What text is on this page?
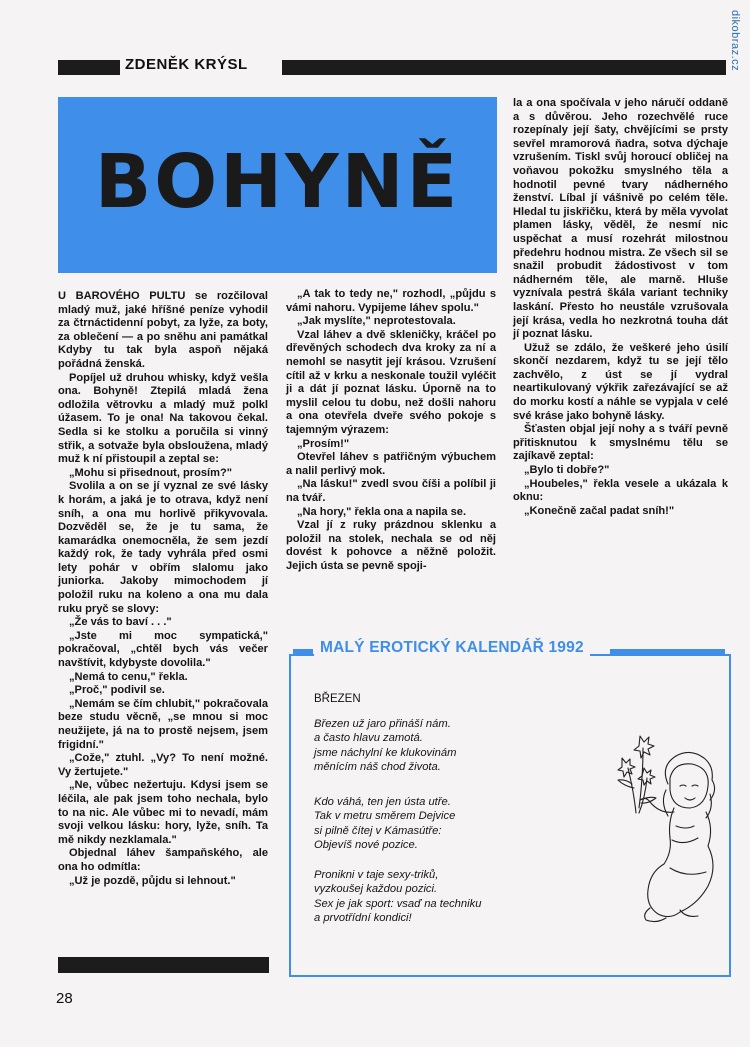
dikobraz.cz
ZDENĚK KRÝSL
BOHYNĚ

U BAROVÉHO PULTU se rozčiloval mladý muž, jaké hříšné peníze vyhodil za čtrnáctidenní pobyt, za lyže, za boty, za oblečení — a po sněhu ani památkal Kdyby tu tak byla aspoň nějaká pořádná ženská.

Popíjel už druhou whisky, když vešla ona. Bohyně! Ztepilá mladá žena odložila větrovku a mladý muž polkl úžasem. To je ona! Na takovou čekal. Sedla si ke stolku a poručila si vinný střik, a sotvaže byla obsloužena, mladý muž k ní přistoupil a zeptal se:

„Mohu si přisednout, prosím?"

Svolila a on se jí vyznal ze své lásky k horám, a jaká je to otrava, když není sníh, a ona mu horlivě přikyvovala. Dozvěděl se, že je tu sama, že kamarádka onemocněla, že sem jezdí každý rok, že tady vyhrála před osmi lety pohár v obřím slalomu jako juniorka. Jakoby mimochodem jí položil ruku na koleno a ona mu dala ruku pryč se slovy:

„Že vás to baví . . ."

„Jste mi moc sympatická," pokračoval, „chtěl bych vás večer navštívit, kdybyste dovolila."

„Nemá to cenu," řekla.

„Proč," podivil se.

„Nemám se čím chlubit," pokračovala beze studu věcně, „se mnou si moc neužijete, já na to prostě nejsem, jsem frigidní."

„Cože," ztuhl. „Vy? To není možné. Vy žertujete."

„Ne, vůbec nežertuju. Kdysi jsem se léčila, ale pak jsem toho nechala, bylo to na nic. Ale vůbec mi to nevadí, mám svoji velkou lásku: hory, lyže, sníh. Ta mě nikdy nezklamala."

Objednal láhev šampaňského, ale ona ho odmítla:

„Už je pozdě, půjdu si lehnout."

„A tak to tedy ne," rozhodl, „půjdu s vámi nahoru. Vypijeme láhev spolu."

„Jak myslíte," neprotestovala.

Vzal láhev a dvě skleničky, kráčel po dřevěných schodech dva kroky za ní a nemohl se nasytit její krásou. Vzrušení cítil až v krku a neskonale toužil vyléčit ji a dát jí poznat lásku. Úporně na to myslil celou tu dobu, než došli nahoru a ona otevřela dveře svého pokoje s tajemným výrazem:

„Prosím!"

Otevřel láhev s patřičným výbuchem a nalil perlivý mok.

„Na lásku!" zvedl svou číši a políbil ji na tvář.

„Na hory," řekla ona a napila se.

Vzal jí z ruky prázdnou sklenku a položil na stolek, nechala se od něj dovést k pohovce a něžně položit. Jejich ústa se pevně spoji-

la a ona spočívala v jeho náručí oddaně a s důvěrou. Jeho rozechvělé ruce rozepínaly její šaty, chvějícími se prsty sevřel mramorová ňadra, sotva dýchaje vzrušením. Tiskl svůj horoucí obličej na voňavou pokožku smyslného těla a hodnotil pevné tvary nádherného ženství. Líbal jí vášnivě po celém těle. Hledal tu jiskřičku, která by měla vyvolat plamen lásky, věděl, že nesmí nic uspěchat a musí rozehrát milostnou předehru hodnou mistra. Ze všech sil se snažil probudit žádostivost v tom nádherném těle, ale marně. Hluše vyznívala pestrá škála variant techniky laskání. Přesto ho neustále vzrušovala její krása, vedla ho nezkrotná touha dát jí poznat lásku.

Užuž se zdálo, že veškeré jeho úsilí skončí nezdarem, když tu se její tělo zachvělo, z úst se jí vydral neartikulovaný výkřik zařezávající se až do morku kostí a náhle se vypjala v celé své kráse jako bohyně lásky.

Šťasten objal její nohy a s tváří pevně přitisknutou k smyslnému tělu se zajíkavě zeptal:

„Bylo ti dobře?"

„Houbeles," řekla vesele a ukázala k oknu:

„Konečně začal padat sníh!"

MALÝ EROTICKÝ KALENDÁŘ 1992
BŘEZEN

Březen už jaro přináší nám.

a často hlavu zamotá.

jsme náchylní ke klukovinám

měnícím náš chod života.

Kdo váhá, ten jen ústa utře.

Tak v metru směrem Dejvice

si pilně čítej v Kámasútře:

Objevíš nové pozice.

Pronikni v taje sexy-triků,

vyzkoušej každou pozici.

Sex je jak sport: vsaď na techniku

a prvotřídní kondici!

28
